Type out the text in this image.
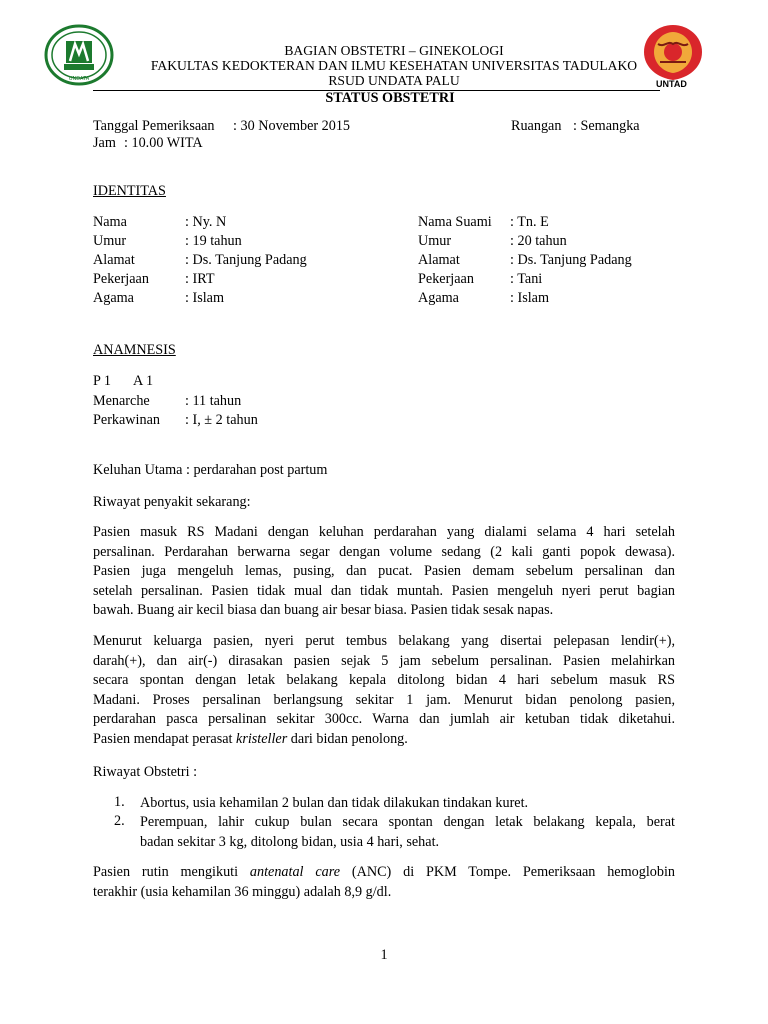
UNDATA
BAGIAN OBSTETRI – GINEKOLOGI
FAKULTAS KEDOKTERAN DAN ILMU KESEHATAN UNIVERSITAS TADULAKO
RSUD UNDATA PALU	UNTAD
STATUS OBSTETRI
Tanggal Pemeriksaan : 30 November 2015	Ruangan : Semangka
Jam : 10.00 WITA
IDENTITAS
Nama	: Ny. N
Umur	: 19 tahun
Alamat	: Ds. Tanjung Padang
Pekerjaan	: IRT
Agama	: Islam
Nama Suami : Tn. E
Umur	: 20 tahun
Alamat	: Ds. Tanjung Padang
Pekerjaan	: Tani
Agama	: Islam
ANAMNESIS
P 1 A 1
Menarche : 11 tahun
Perkawinan : I, ± 2 tahun
Keluhan Utama : perdarahan post partum
Riwayat penyakit sekarang:
Pasien masuk RS Madani dengan keluhan perdarahan yang dialami selama 4 hari setelah
persalinan. Perdarahan berwarna segar dengan volume sedang (2 kali ganti popok dewasa).
Pasien juga mengeluh lemas, pusing, dan pucat. Pasien demam sebelum persalinan dan
setelah persalinan. Pasien tidak mual dan tidak muntah. Pasien mengeluh nyeri perut bagian
bawah. Buang air kecil biasa dan buang air besar biasa. Pasien tidak sesak napas.
Menurut keluarga pasien, nyeri perut tembus belakang yang disertai pelepasan lendir(+),
darah(+), dan air(-) dirasakan pasien sejak 5 jam sebelum persalinan. Pasien melahirkan
secara spontan dengan letak belakang kepala ditolong bidan 4 hari sebelum masuk RS
Madani. Proses persalinan berlangsung sekitar 1 jam. Menurut bidan penolong pasien,
perdarahan pasca persalinan sekitar 300cc. Warna dan jumlah air ketuban tidak diketahui.
Pasien mendapat perasat kristeller dari bidan penolong.
Riwayat Obstetri :
1. Abortus, usia kehamilan 2 bulan dan tidak dilakukan tindakan kuret.
2. Perempuan, lahir cukup bulan secara spontan dengan letak belakang kepala, berat
badan sekitar 3 kg, ditolong bidan, usia 4 hari, sehat.
Pasien rutin mengikuti antenatal care (ANC) di PKM Tompe. Pemeriksaan hemoglobin
terakhir (usia kehamilan 36 minggu) adalah 8,9 g/dl.
1
